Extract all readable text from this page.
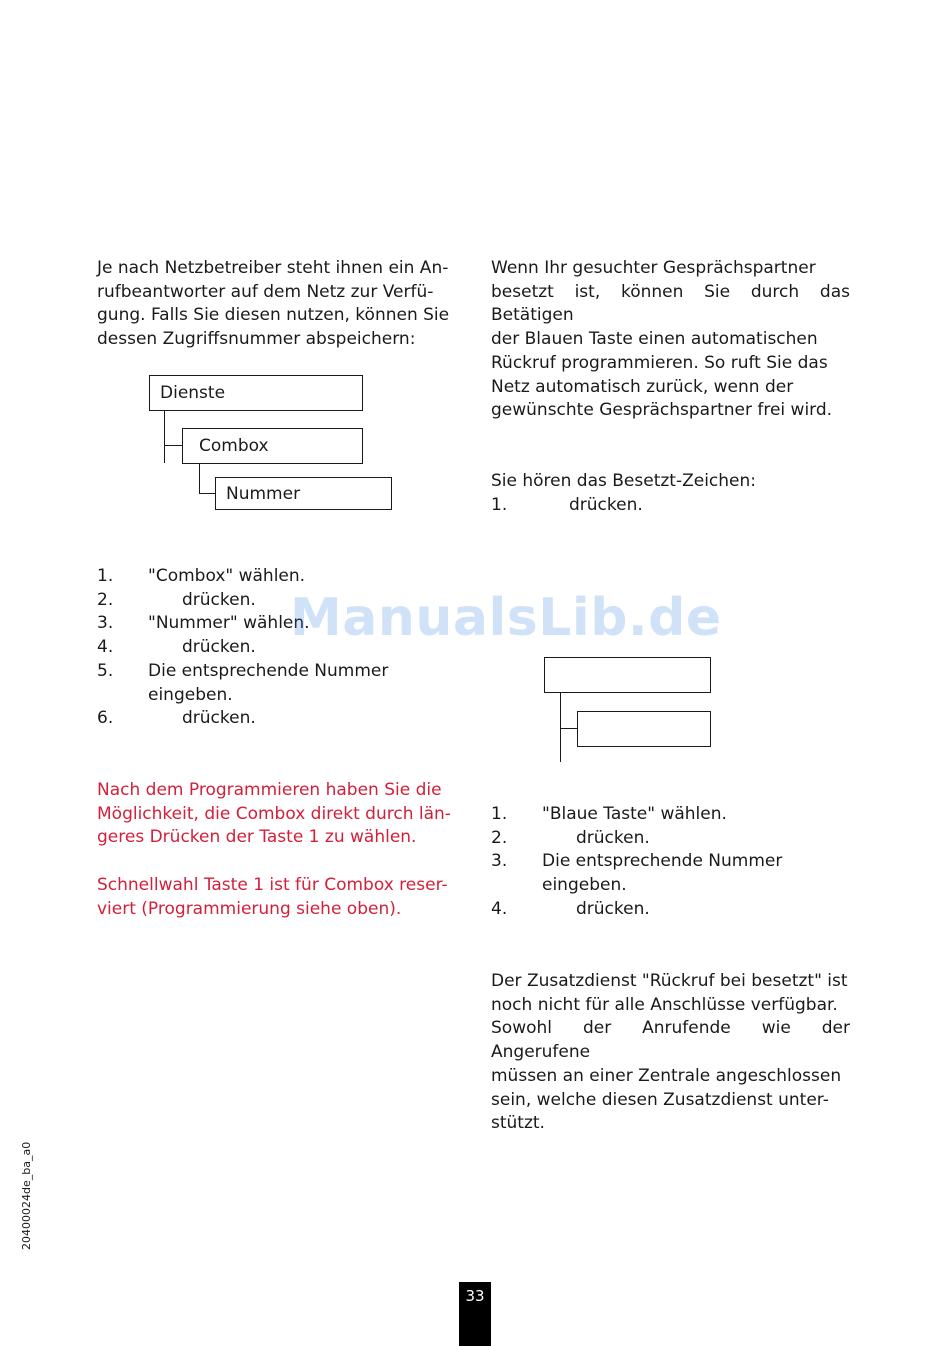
Je nach Netzbetreiber steht ihnen ein An-
rufbeantworter auf dem Netz zur Verfü-
gung. Falls Sie diesen nutzen, können Sie
dessen Zugriffsnummer abspeichern:
Dienste
Combox
Nummer
1.	"Combox" wählen.
2.	drücken.
3.	"Nummer" wählen.
4.	drücken.
5.	Die entsprechende Nummer
eingeben.
6.	drücken.
Nach dem Programmieren haben Sie die
Möglichkeit, die Combox direkt durch län-
geres Drücken der Taste 1 zu wählen.
Schnellwahl Taste 1 ist für Combox reser-
viert (Programmierung siehe oben).
Wenn Ihr gesuchter Gesprächspartner
besetzt ist, können Sie durch das Betätigen
der Blauen Taste einen automatischen
Rückruf programmieren. So ruft Sie das
Netz automatisch zurück, wenn der
gewünschte Gesprächspartner frei wird.
Sie hören das Besetzt-Zeichen:
1.	drücken.
1.	"Blaue Taste" wählen.
2.	drücken.
3.	Die entsprechende Nummer
eingeben.
4.	drücken.
Der Zusatzdienst "Rückruf bei besetzt" ist
noch nicht für alle Anschlüsse verfügbar.
Sowohl der Anrufende wie der Angerufene
müssen an einer Zentrale angeschlossen
sein, welche diesen Zusatzdienst unter-
stützt.
ManualsLib.de
20400024de_ba_a0
33
